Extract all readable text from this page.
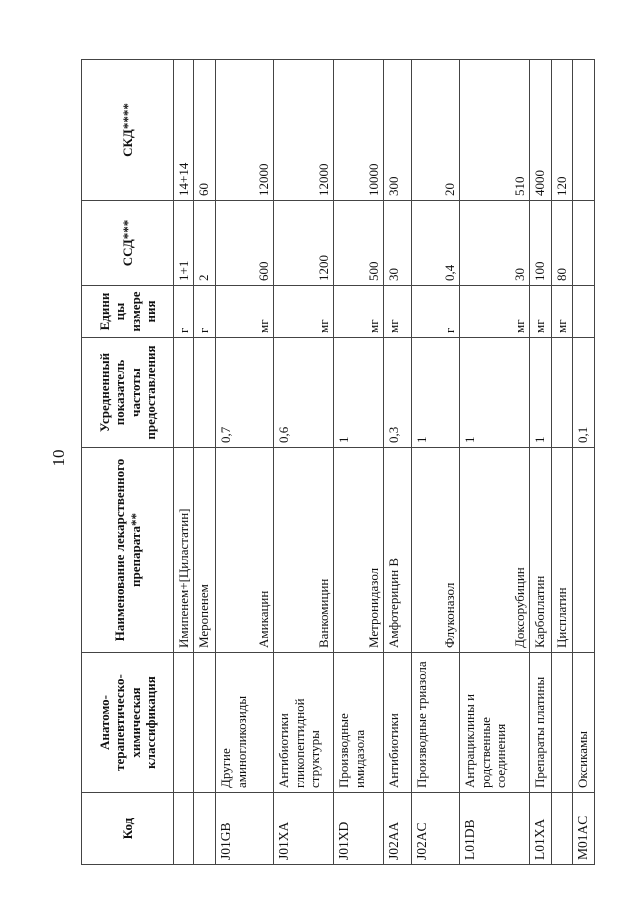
10
Код	Анатомо-терапевтическо-химическая классификация	Наименование лекарственного препарата**	Усредненный показатель частоты предоставления	Единицы измерения	ССД***	СКД****
		Имипенем+[Циластатин]		г	1+1	14+14
		Меропенем		г	2	60
J01GB	Другие аминогликозиды	Амикацин	0,7	мг	600	12000
J01XA	Антибиотики гликопептидной структуры	Ванкомицин	0,6	мг	1200	12000
J01XD	Производные имидазола	Метронидазол	1	мг	500	10000
J02AA	Антибиотики	Амфотерицин В	0,3	мг	30	300
J02AC	Производные триазола	Флуконазол	1	г	0,4	20
L01DB	Антрациклины и родственные соединения	Доксорубицин	1	мг	30	510
L01XA	Препараты платины	Карбоплатин	1	мг	100	4000
		Цисплатин		мг	80	120
M01AC	Оксикамы		0,1			
